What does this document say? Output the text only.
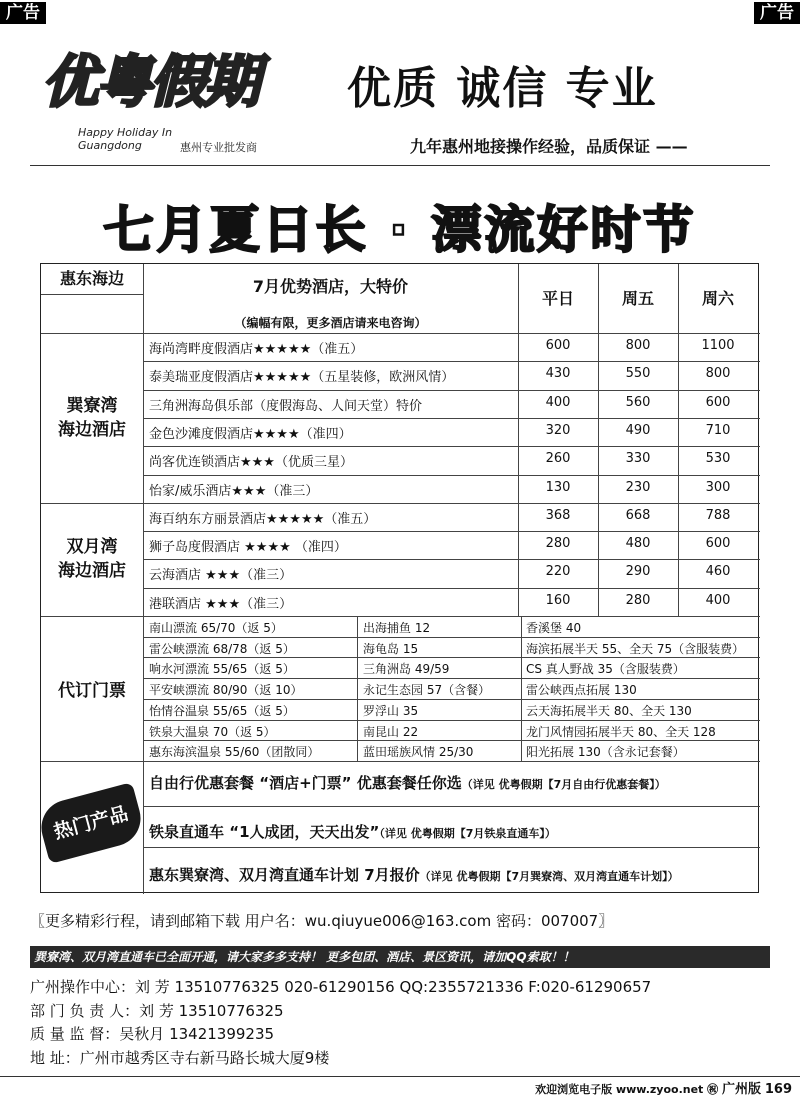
广告	广告
优粤假期
Happy Holiday In
Guangdong	惠州专业批发商
优质 诚信 专业
九年惠州地接操作经验，品质保证 ——
七月夏日长 · 漂流好时节
惠东海边	7月优势酒店，大特价
（编幅有限，更多酒店请来电咨询）
平日	周五	周六
海尚湾畔度假酒店★★★★★（准五）	600	800	1100
泰美瑞亚度假酒店★★★★★（五星装修，欧洲风情）	430	550	800
三角洲海岛俱乐部（度假海岛、人间天堂）特价	400	560	600
金色沙滩度假酒店★★★★（准四）	320	490	710
尚客优连锁酒店★★★（优质三星）	260	330	530
怡家/威乐酒店★★★（准三）	130	230	300
巽寮湾
海边酒店
海百纳东方丽景酒店★★★★★（准五）	368	668	788
狮子岛度假酒店 ★★★★ （准四）	280	480	600
云海酒店 ★★★（准三）	220	290	460
港联酒店 ★★★（准三）	160	280	400
双月湾
海边酒店
代订门票
南山漂流 65/70（返 5）	出海捕鱼 12	香溪堡 40
雷公峡漂流 68/78（返 5）	海龟岛 15	海滨拓展半天 55、全天 75（含服装费）
响水河漂流 55/65（返 5）	三角洲岛 49/59	CS 真人野战 35（含服装费）
平安峡漂流 80/90（返 10）	永记生态园 57（含餐）	雷公峡西点拓展 130
怡情谷温泉 55/65（返 5）	罗浮山 35	云天海拓展半天 80、全天 130
铁泉大温泉 70（返 5）	南昆山 22	龙门风情园拓展半天 80、全天 128
惠东海滨温泉 55/60（团散同）	蓝田瑶族风情 25/30	阳光拓展 130（含永记套餐）
热门产品
自由行优惠套餐 “酒店+门票” 优惠套餐任你选（详见 优粤假期【7月自由行优惠套餐】）
铁泉直通车 “1人成团，天天出发”（详见 优粤假期【7月铁泉直通车】）
惠东巽寮湾、双月湾直通车计划 7月报价（详见 优粤假期【7月巽寮湾、双月湾直通车计划】）
〖更多精彩行程，请到邮箱下载 用户名：wu.qiuyue006@163.com 密码：007007〗
巽寮湾、双月湾直通车已全面开通，请大家多多支持！ 更多包团、酒店、景区资讯，请加QQ索取！！
广州操作中心：刘 芳 13510776325 020-61290156 QQ:2355721336 F:020-61290657
部 门 负 责 人：刘 芳 13510776325
质 量 监 督：吴秋月 13421399235
地 址：广州市越秀区寺右新马路长城大厦9楼
欢迎浏览电子版 www.zyoo.net ㊗ 广州版 169
